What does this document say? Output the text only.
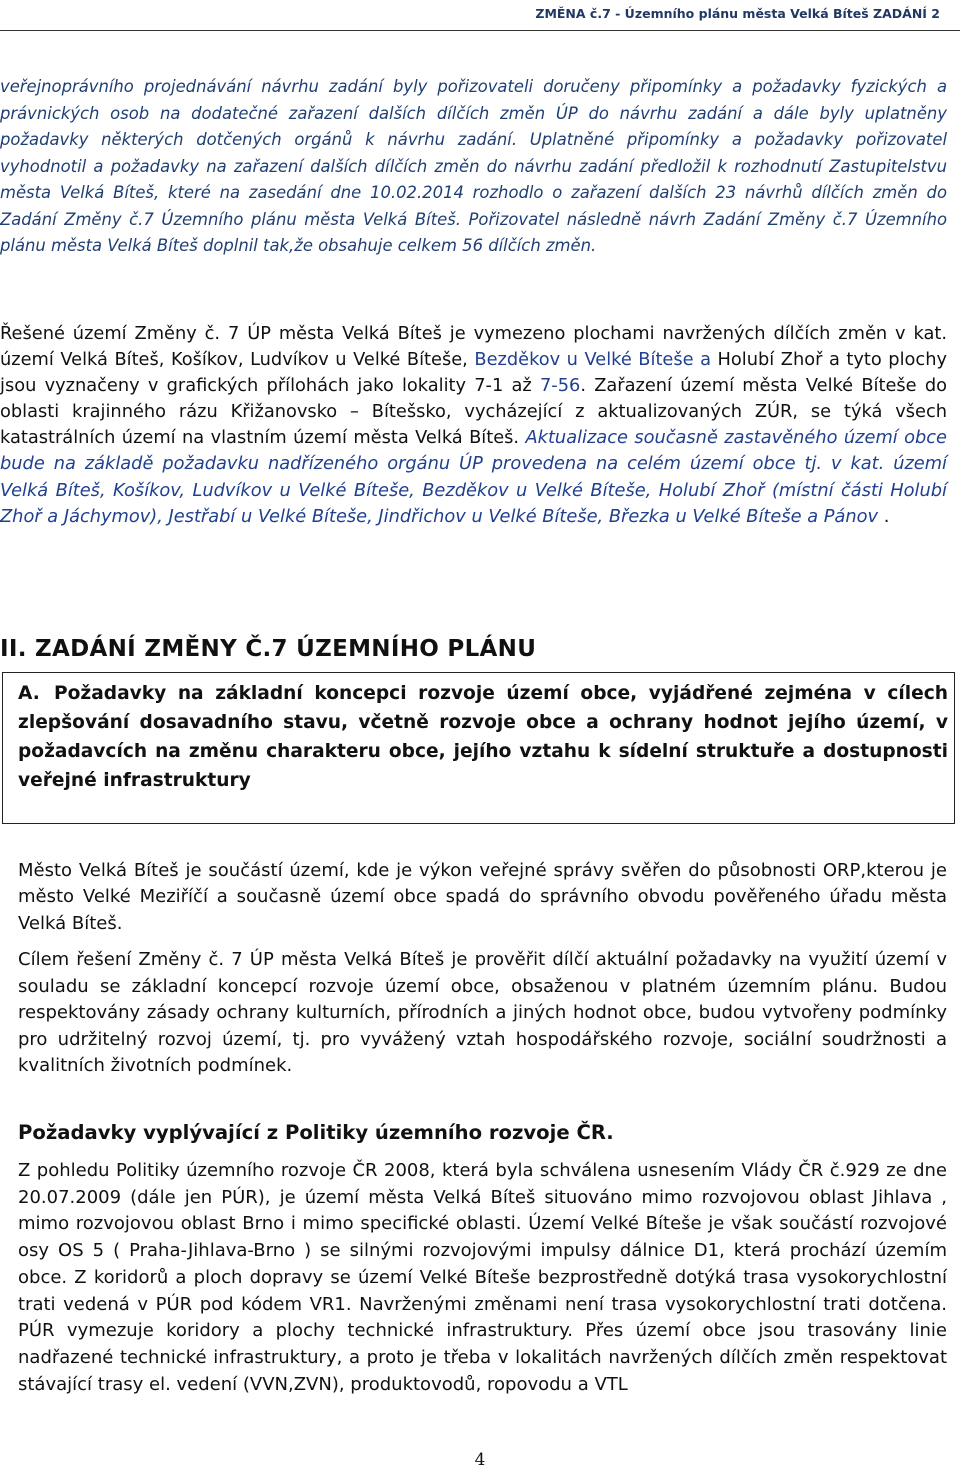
ZMĚNA č.7 - Územního plánu města Velká Bíteš ZADÁNÍ 2
veřejnoprávního projednávání návrhu zadání byly pořizovateli doručeny připomínky a požadavky fyzických a právnických osob na dodatečné zařazení dalších dílčích změn ÚP do návrhu zadání a dále byly uplatněny požadavky některých dotčených orgánů k návrhu zadání. Uplatněné připomínky a požadavky pořizovatel vyhodnotil a požadavky na zařazení dalších dílčích změn do návrhu zadání předložil k rozhodnutí Zastupitelstvu města Velká Bíteš, které na zasedání dne 10.02.2014 rozhodlo o zařazení dalších 23 návrhů dílčích změn do Zadání Změny č.7 Územního plánu města Velká Bíteš. Pořizovatel následně návrh Zadání Změny č.7 Územního plánu města Velká Bíteš doplnil tak,že obsahuje celkem 56 dílčích změn.
Řešené území Změny č. 7 ÚP města Velká Bíteš je vymezeno plochami navržených dílčích změn v kat. území Velká Bíteš, Košíkov, Ludvíkov u Velké Bíteše, Bezděkov u Velké Bíteše a Holubí Zhoř a tyto plochy jsou vyznačeny v grafických přílohách jako lokality 7-1 až 7-56. Zařazení území města Velké Bíteše do oblasti krajinného rázu Křižanovsko – Bítešsko, vycházející z aktualizovaných ZÚR, se týká všech katastrálních území na vlastním území města Velká Bíteš. Aktualizace současně zastavěného území obce bude na základě požadavku nadřízeného orgánu ÚP provedena na celém území obce tj. v kat. území Velká Bíteš, Košíkov, Ludvíkov u Velké Bíteše, Bezděkov u Velké Bíteše, Holubí Zhoř (místní části Holubí Zhoř a Jáchymov), Jestřabí u Velké Bíteše, Jindřichov u Velké Bíteše, Březka u Velké Bíteše a Pánov .
II. ZADÁNÍ ZMĚNY Č.7 ÚZEMNÍHO PLÁNU
A. Požadavky na základní koncepci rozvoje území obce, vyjádřené zejména v cílech zlepšování dosavadního stavu, včetně rozvoje obce a ochrany hodnot jejího území, v požadavcích na změnu charakteru obce, jejího vztahu k sídelní struktuře a dostupnosti veřejné infrastruktury
Město Velká Bíteš je součástí území, kde je výkon veřejné správy svěřen do působnosti ORP,kterou je město Velké Meziříčí a současně území obce spadá do správního obvodu pověřeného úřadu města Velká Bíteš.
Cílem řešení Změny č. 7 ÚP města Velká Bíteš je prověřit dílčí aktuální požadavky na využití území v souladu se základní koncepcí rozvoje území obce, obsaženou v platném územním plánu. Budou respektovány zásady ochrany kulturních, přírodních a jiných hodnot obce, budou vytvořeny podmínky pro udržitelný rozvoj území, tj. pro vyvážený vztah hospodářského rozvoje, sociální soudržnosti a kvalitních životních podmínek.
Požadavky vyplývající z Politiky územního rozvoje ČR.
Z pohledu Politiky územního rozvoje ČR 2008, která byla schválena usnesením Vlády ČR č.929 ze dne 20.07.2009 (dále jen PÚR), je území města Velká Bíteš situováno mimo rozvojovou oblast Jihlava , mimo rozvojovou oblast Brno i mimo specifické oblasti. Území Velké Bíteše je však součástí rozvojové osy OS 5 ( Praha-Jihlava-Brno ) se silnými rozvojovými impulsy dálnice D1, která prochází územím obce. Z koridorů a ploch dopravy se území Velké Bíteše bezprostředně dotýká trasa vysokorychlostní trati vedená v PÚR pod kódem VR1. Navrženými změnami není trasa vysokorychlostní trati dotčena. PÚR vymezuje koridory a plochy technické infrastruktury. Přes území obce jsou trasovány linie nadřazené technické infrastruktury, a proto je třeba v lokalitách navržených dílčích změn respektovat stávající trasy el. vedení (VVN,ZVN), produktovodů, ropovodu a VTL
4
